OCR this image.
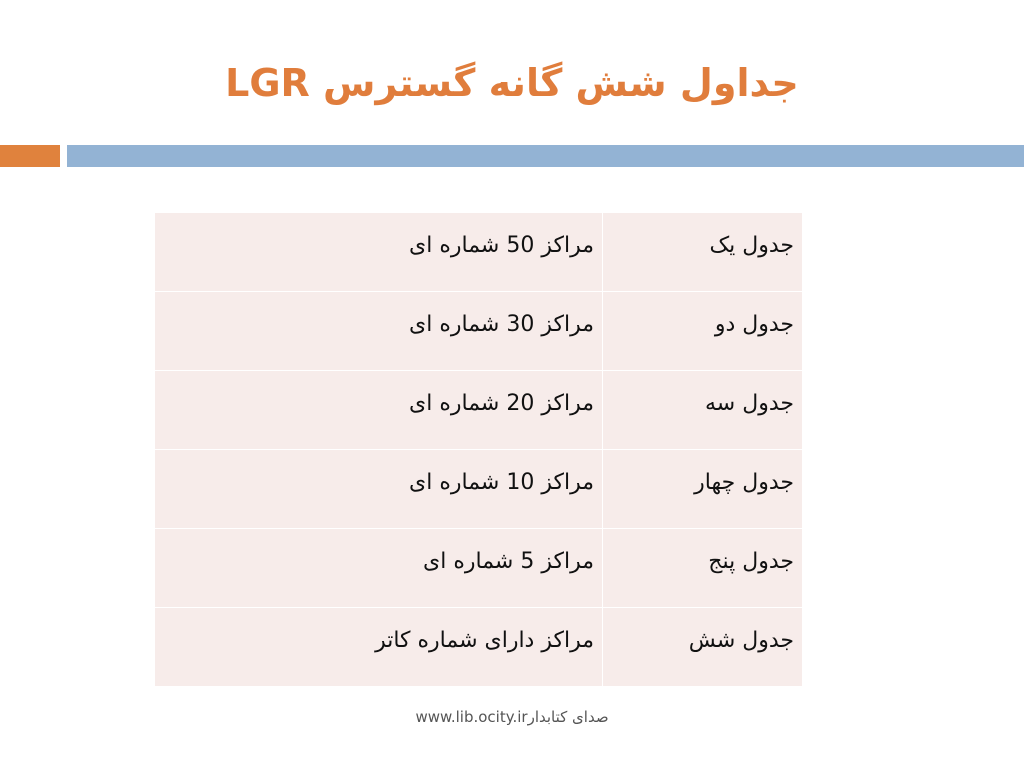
جداول شش گانه گسترس LGR
جدول یک	مراکز 50 شماره ای
جدول دو	مراکز 30 شماره ای
جدول سه	مراکز 20 شماره ای
جدول چهار	مراکز 10 شماره ای
جدول پنج	مراکز 5 شماره ای
جدول شش	مراکز دارای شماره کاتر
www.lib.ocity.irصدای کتابدار
